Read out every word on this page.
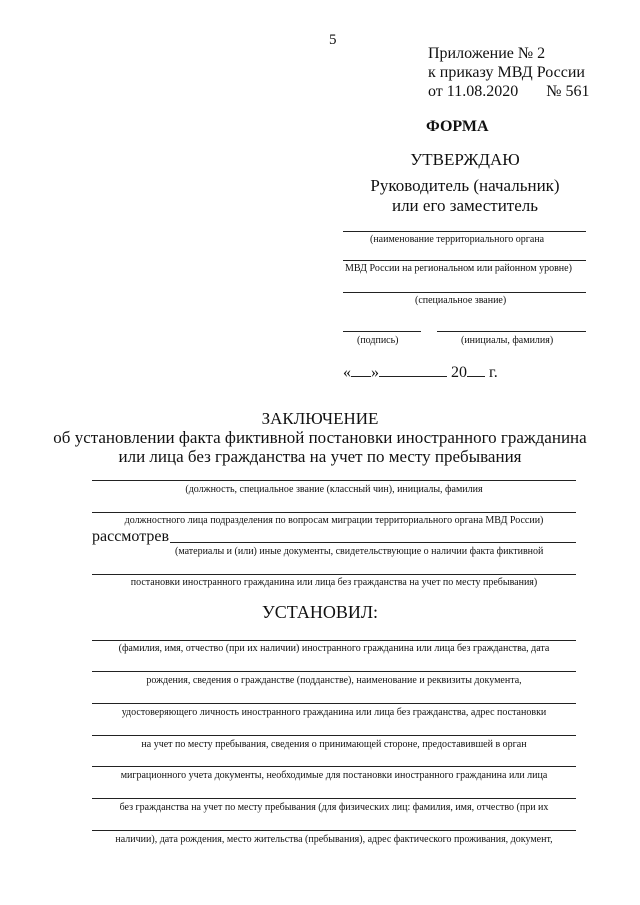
5
Приложение № 2
к приказу МВД России
от 11.08.2020 № 561
ФОРМА
УТВЕРЖДАЮ
Руководитель (начальник)
или его заместитель
(наименование территориального органа
МВД России на региональном или районном уровне)
(специальное звание)
(подпись)	(инициалы, фамилия)
« »	20 г.
ЗАКЛЮЧЕНИЕ
об установлении факта фиктивной постановки иностранного гражданина
или лица без гражданства на учет по месту пребывания
(должность, специальное звание (классный чин), инициалы, фамилия
должностного лица подразделения по вопросам миграции территориального органа МВД России)
рассмотрев
(материалы и (или) иные документы, свидетельствующие о наличии факта фиктивной
постановки иностранного гражданина или лица без гражданства на учет по месту пребывания)
УСТАНОВИЛ:
(фамилия, имя, отчество (при их наличии) иностранного гражданина или лица без гражданства, дата
рождения, сведения о гражданстве (подданстве), наименование и реквизиты документа,
удостоверяющего личность иностранного гражданина или лица без гражданства, адрес постановки
на учет по месту пребывания, сведения о принимающей стороне, предоставившей в орган
миграционного учета документы, необходимые для постановки иностранного гражданина или лица
без гражданства на учет по месту пребывания (для физических лиц: фамилия, имя, отчество (при их
наличии), дата рождения, место жительства (пребывания), адрес фактического проживания, документ,
